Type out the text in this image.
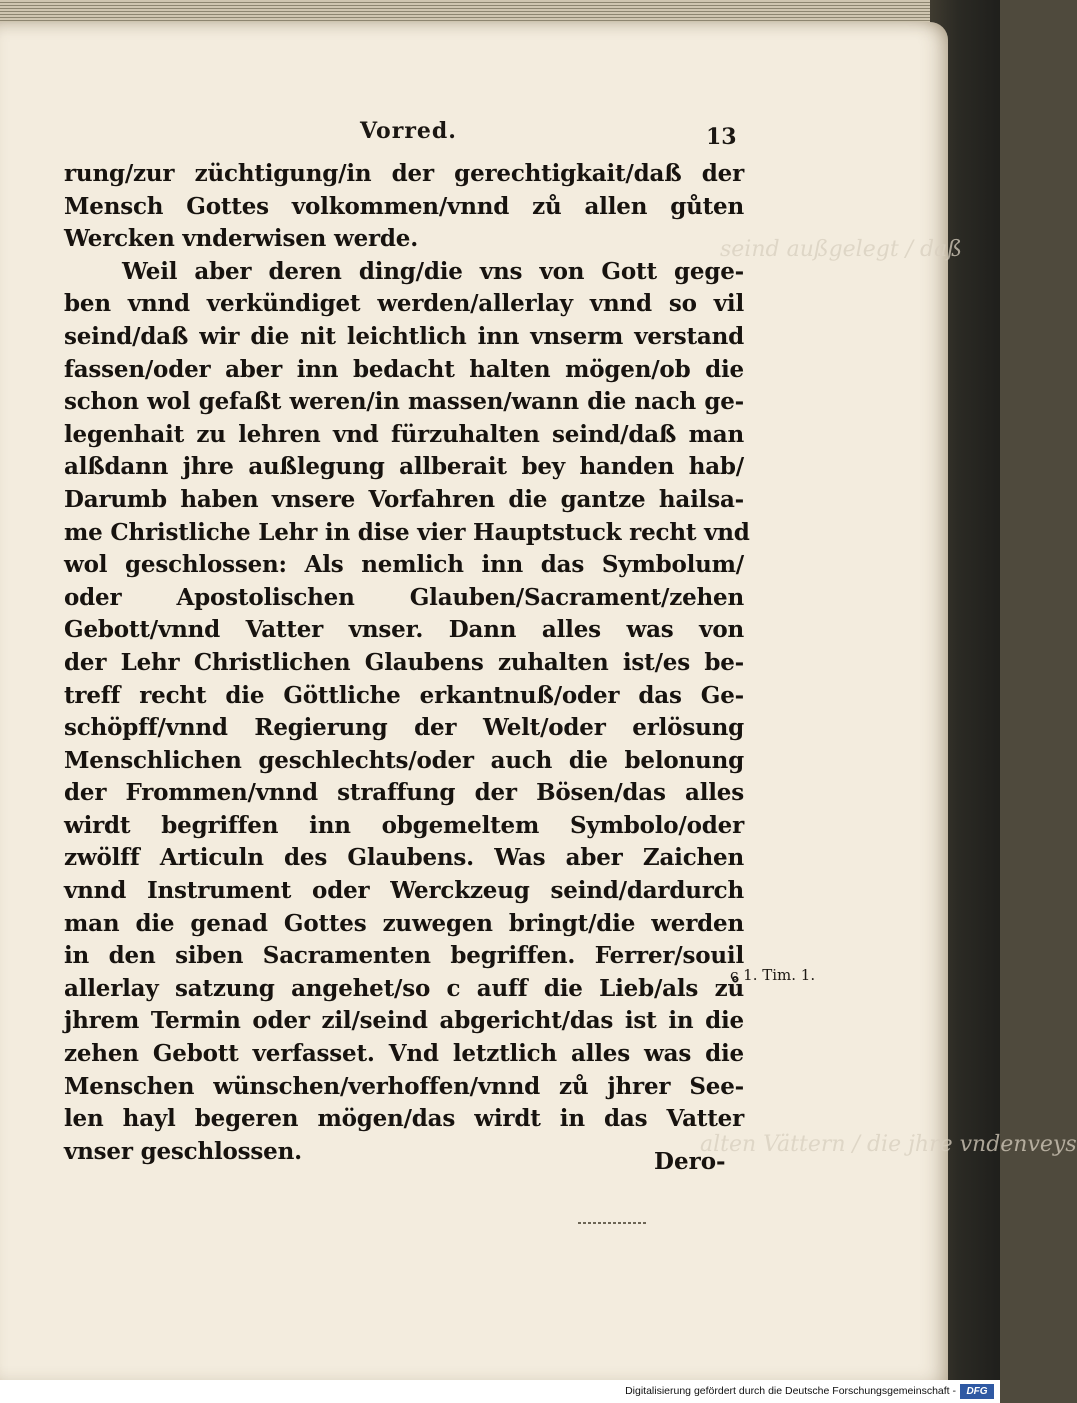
seind außgelegt / daß
alten Vättern / die jhre vndenveys
Vorred.	13
rung/zur züchtigung/in der gerechtigkait/daß der
Mensch Gottes volkommen/vnnd zů allen gůten
Wercken vnderwisen werde.
Weil aber deren ding/die vns von Gott gege-
ben vnnd verkündiget werden/allerlay vnnd so vil
seind/daß wir die nit leichtlich inn vnserm verstand
fassen/oder aber inn bedacht halten mögen/ob die
schon wol gefaßt weren/in massen/wann die nach ge-
legenhait zu lehren vnd fürzuhalten seind/daß man
alßdann jhre außlegung allberait bey handen hab/
Darumb haben vnsere Vorfahren die gantze hailsa-
me Christliche Lehr in dise vier Hauptstuck recht vnd
wol geschlossen: Als nemlich inn das Symbolum/
oder Apostolischen Glauben/Sacrament/zehen
Gebott/vnnd Vatter vnser. Dann alles was von
der Lehr Christlichen Glaubens zuhalten ist/es be-
treff recht die Göttliche erkantnuß/oder das Ge-
schöpff/vnnd Regierung der Welt/oder erlösung
Menschlichen geschlechts/oder auch die belonung
der Frommen/vnnd straffung der Bösen/das alles
wirdt begriffen inn obgemeltem Symbolo/oder
zwölff Articuln des Glaubens. Was aber Zaichen
vnnd Instrument oder Werckzeug seind/dardurch
man die genad Gottes zuwegen bringt/die werden
in den siben Sacramenten begriffen. Ferrer/souil
allerlay satzung angehet/so c auff die Lieb/als zů
jhrem Termin oder zil/seind abgericht/das ist in die
zehen Gebott verfasset. Vnd letztlich alles was die
Menschen wünschen/verhoffen/vnnd zů jhrer See-
len hayl begeren mögen/das wirdt in das Vatter
vnser geschlossen.	Dero-
c 1. Tim. 1.
Digitalisierung gefördert durch die Deutsche Forschungsgemeinschaft -	DFG
